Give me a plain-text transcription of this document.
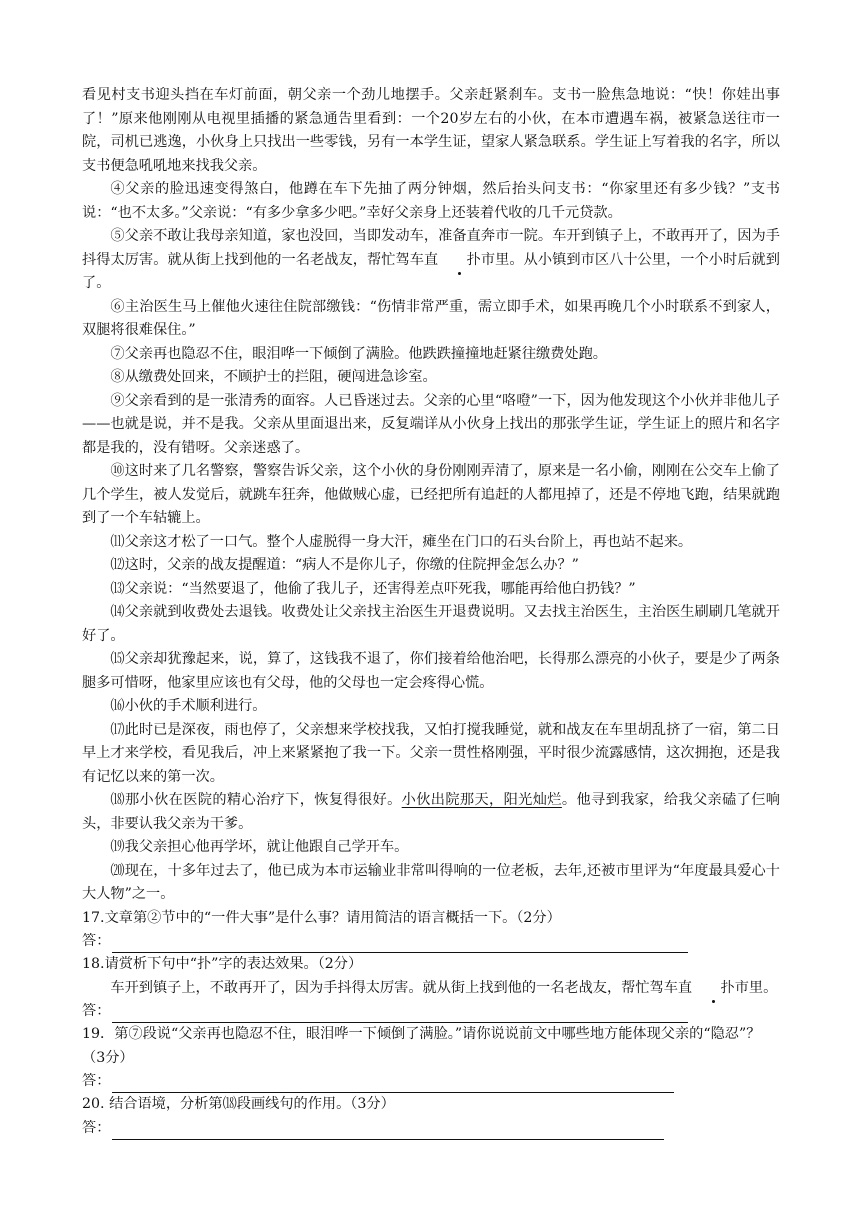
看见村支书迎头挡在车灯前面，朝父亲一个劲儿地摆手。父亲赶紧刹车。支书一脸焦急地说：“快！你娃出事了！”原来他刚刚从电视里插播的紧急通告里看到：一个20岁左右的小伙，在本市遭遇车祸，被紧急送往市一院，司机已逃逸，小伙身上只找出一些零钱，另有一本学生证，望家人紧急联系。学生证上写着我的名字，所以支书便急吼吼地来找我父亲。

④父亲的脸迅速变得煞白，他蹲在车下先抽了两分钟烟，然后抬头问支书：“你家里还有多少钱？”支书说：“也不太多。”父亲说：“有多少拿多少吧。”幸好父亲身上还装着代收的几千元贷款。

⑤父亲不敢让我母亲知道，家也没回，当即发动车，准备直奔市一院。车开到镇子上，不敢再开了，因为手抖得太厉害。就从街上找到他的一名老战友，帮忙驾车直 扑市里。从小镇到市区八十公里，一个小时后就到了。

⑥主治医生马上催他火速往住院部缴钱：“伤情非常严重，需立即手术，如果再晚几个小时联系不到家人，双腿将很难保住。”

⑦父亲再也隐忍不住，眼泪哗一下倾倒了满脸。他跌跌撞撞地赶紧往缴费处跑。

⑧从缴费处回来，不顾护士的拦阻，硬闯进急诊室。

⑨父亲看到的是一张清秀的面容。人已昏迷过去。父亲的心里“咯噔”一下，因为他发现这个小伙并非他儿子——也就是说，并不是我。父亲从里面退出来，反复端详从小伙身上找出的那张学生证，学生证上的照片和名字都是我的，没有错呀。父亲迷惑了。

⑩这时来了几名警察，警察告诉父亲，这个小伙的身份刚刚弄清了，原来是一名小偷，刚刚在公交车上偷了几个学生，被人发觉后，就跳车狂奔，他做贼心虚，已经把所有追赶的人都甩掉了，还是不停地飞跑，结果就跑到了一个车轱辘上。

⑾父亲这才松了一口气。整个人虚脱得一身大汗，瘫坐在门口的石头台阶上，再也站不起来。

⑿这时，父亲的战友提醒道：“病人不是你儿子，你缴的住院押金怎么办？”

⒀父亲说：“当然要退了，他偷了我儿子，还害得差点吓死我，哪能再给他白扔钱？”

⒁父亲就到收费处去退钱。收费处让父亲找主治医生开退费说明。又去找主治医生，主治医生刷刷几笔就开好了。

⒂父亲却犹豫起来，说，算了，这钱我不退了，你们接着给他治吧，长得那么漂亮的小伙子，要是少了两条腿多可惜呀，他家里应该也有父母，他的父母也一定会疼得心慌。

⒃小伙的手术顺利进行。

⒄此时已是深夜，雨也停了，父亲想来学校找我，又怕打搅我睡觉，就和战友在车里胡乱挤了一宿，第二日早上才来学校，看见我后，冲上来紧紧抱了我一下。父亲一贯性格刚强，平时很少流露感情，这次拥抱，还是我有记忆以来的第一次。

⒅那小伙在医院的精心治疗下，恢复得很好。小伙出院那天，阳光灿烂。他寻到我家，给我父亲磕了仨响头，非要认我父亲为干爹。

⒆我父亲担心他再学坏，就让他跟自己学开车。

⒇现在，十多年过去了，他已成为本市运输业非常叫得响的一位老板，去年,还被市里评为“年度最具爱心十大人物”之一。

17.文章第②节中的“一件大事”是什么事？请用简洁的语言概括一下。（2分）

答：

18.请赏析下句中“扑”字的表达效果。（2分）

车开到镇子上，不敢再开了，因为手抖得太厉害。就从街上找到他的一名老战友，帮忙驾车直 扑市里。

答：

19．第⑦段说“父亲再也隐忍不住，眼泪哗一下倾倒了满脸。”请你说说前文中哪些地方能体现父亲的“隐忍”？（3分）

答：

20. 结合语境，分析第⒅段画线句的作用。（3分）

答：
